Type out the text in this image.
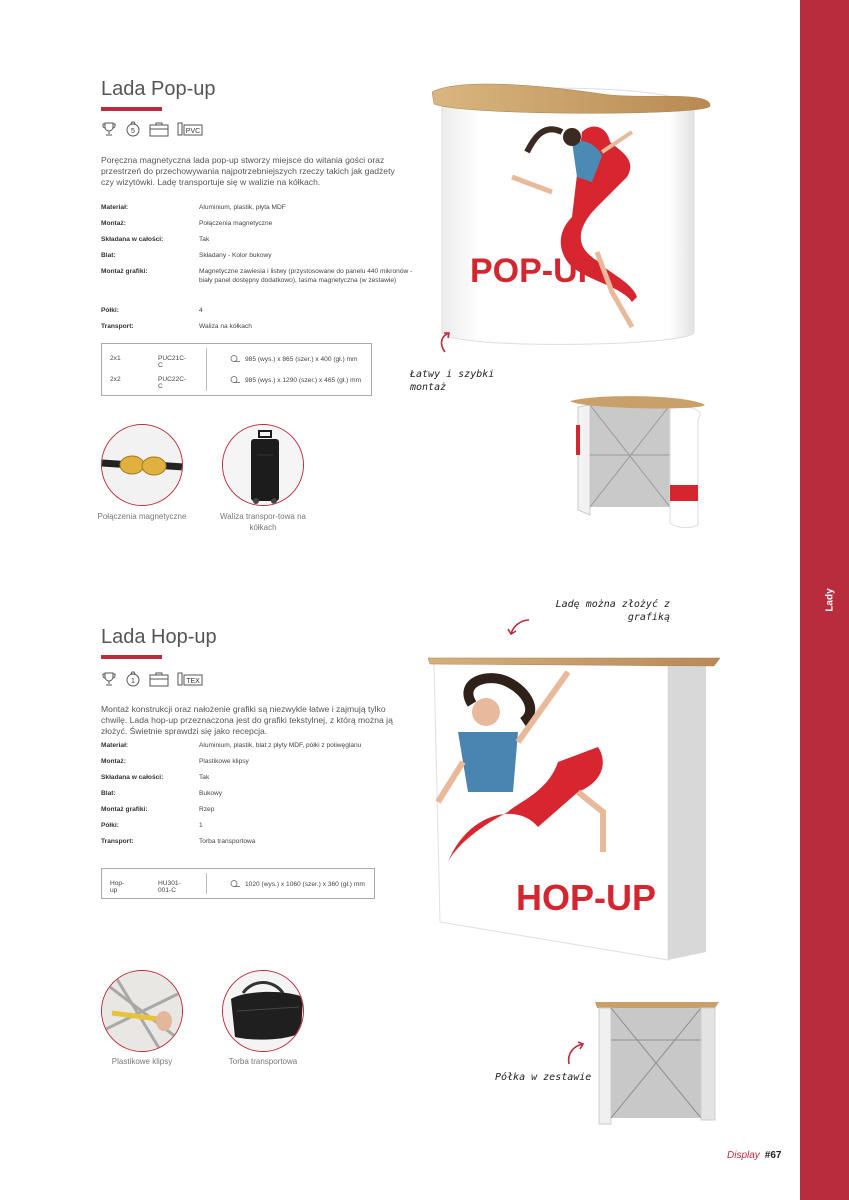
Lady
Lada Pop-up
5	PVC

Poręczna magnetyczna lada pop-up stworzy miejsce do witania gości oraz przestrzeń do przechowywania najpotrzebniejszych rzeczy takich jak gadżety czy wizytówki. Ladę transportuje się w walizie na kółkach.

Materiał:	Aluminium, plastik, płyta MDF
Montaż:	Połączenia magnetyczne
Składana w całości:	Tak
Blat:	Składany - Kolor bukowy
Montaż grafiki:	Magnetyczne zawiesia i listwy (przystosowane do panelu 440 mikronów - biały panel dostępny dodatkowo), taśma magnetyczna (w zestawie)
Półki:	4
Transport:	Waliza na kółkach
2x1	PUC21C-C
985 (wys.) x 865 (szer.) x 400 (gł.) mm
2x2	PUC22C-C
985 (wys.) x 1290 (szer.) x 465 (gł.) mm
Połączenia magnetyczne	Waliza transpor-towa na kółkach
POP-UP
Łatwy i szybki montaż
Lada Hop-up
1	TEX

Montaż konstrukcji oraz nałożenie grafiki są niezwykle łatwe i zajmują tylko chwilę. Lada hop-up przeznaczona jest do grafiki tekstylnej, z którą można ją złożyć. Świetnie sprawdzi się jako recepcja.

Materiał:	Aluminium, plastik, blat z płyty MDF, półki z poliwęglanu
Montaż:	Plastikowe klipsy
Składana w całości:	Tak
Blat:	Bukowy
Montaż grafiki:	Rzep
Półki:	1
Transport:	Torba transportowa
Hop-up
HU301-001-C
1020 (wys.) x 1060 (szer.) x 360 (gł.) mm
Plastikowe klipsy	Torba transportowa
Ladę można złożyć z grafiką
HOP-UP
Półka w zestawie
Display #67
